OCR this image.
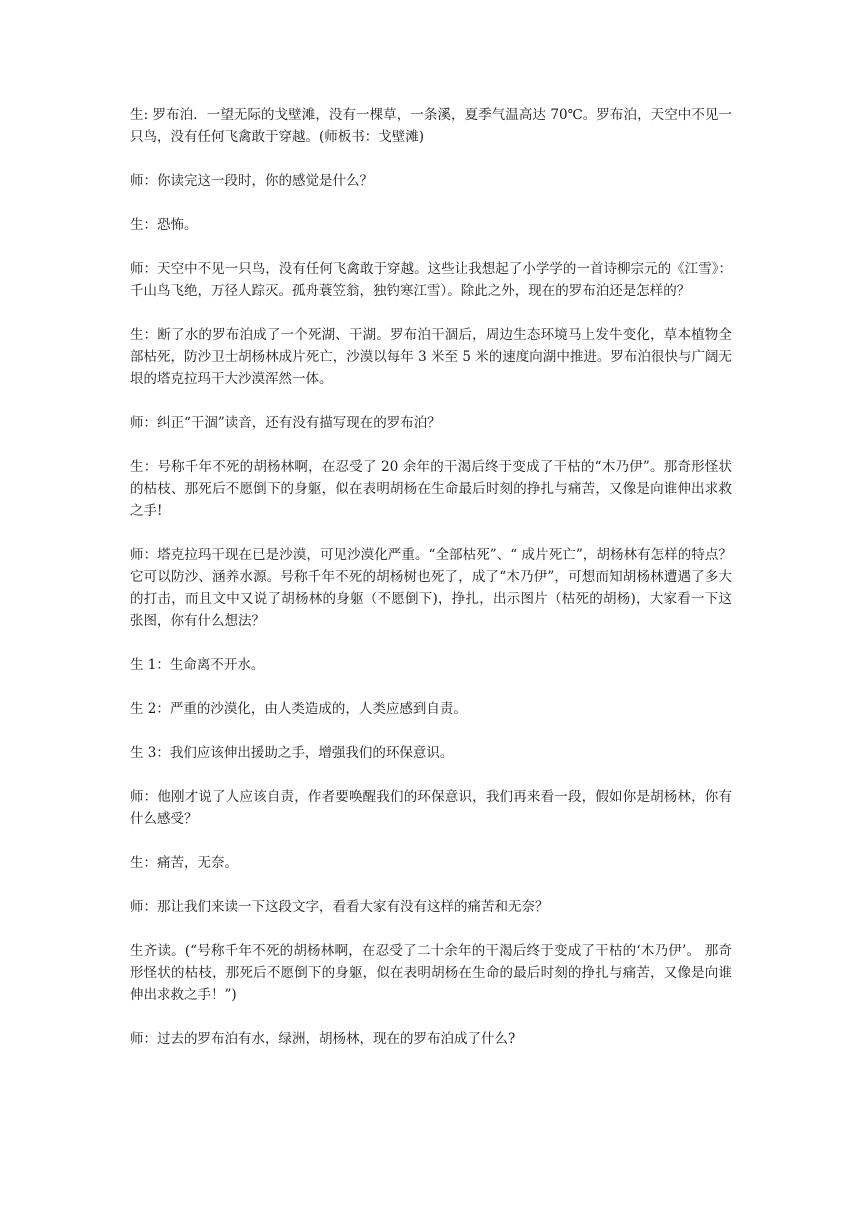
生: 罗布泊．一望无际的戈壁滩，没有一棵草，一条溪，夏季气温高达 70℃。罗布泊，天空中不见一只鸟，没有任何飞禽敢于穿越。(师板书：戈壁滩)

师：你读完这一段时，你的感觉是什么？

生：恐怖。

师：天空中不见一只鸟，没有任何飞禽敢于穿越。这些让我想起了小学学的一首诗柳宗元的《江雪》：千山鸟飞绝，万径人踪灭。孤舟蓑笠翁，独钓寒江雪）。除此之外，现在的罗布泊还是怎样的？

生：断了水的罗布泊成了一个死湖、干湖。罗布泊干涸后，周边生态环境马上发牛变化，草本植物全部枯死，防沙卫士胡杨林成片死亡，沙漠以每年 3 米至 5 米的速度向湖中推进。罗布泊很快与广阔无垠的塔克拉玛干大沙漠浑然一体。

师：纠正“干涸”读音，还有没有描写现在的罗布泊？

生：号称千年不死的胡杨林啊，在忍受了 20 余年的干渴后终于变成了干枯的“木乃伊”。那奇形怪状的枯枝、那死后不愿倒下的身躯，似在表明胡杨在生命最后时刻的挣扎与痛苦，又像是向谁伸出求救之手!

师：塔克拉玛干现在已是沙漠，可见沙漠化严重。“全部枯死”、“ 成片死亡”，胡杨林有怎样的特点？它可以防沙、涵养水源。号称千年不死的胡杨树也死了，成了“木乃伊”，可想而知胡杨林遭遇了多大的打击，而且文中又说了胡杨林的身躯（不愿倒下)，挣扎，出示图片（枯死的胡杨)，大家看一下这张图，你有什么想法？

生 1：生命离不开水。

生 2：严重的沙漠化，由人类造成的，人类应感到自责。

生 3：我们应该伸出援助之手，增强我们的环保意识。

师：他刚才说了人应该自责，作者要唤醒我们的环保意识，我们再来看一段，假如你是胡杨林，你有什么感受？

生：痛苦，无奈。

师：那让我们来读一下这段文字，看看大家有没有这样的痛苦和无奈？

生齐读。(“号称千年不死的胡杨林啊，在忍受了二十余年的干渴后终于变成了干枯的‘木乃伊’。 那奇形怪状的枯枝，那死后不愿倒下的身躯，似在表明胡杨在生命的最后时刻的挣扎与痛苦，又像是向谁伸出求救之手！”)

师：过去的罗布泊有水，绿洲，胡杨林，现在的罗布泊成了什么?
